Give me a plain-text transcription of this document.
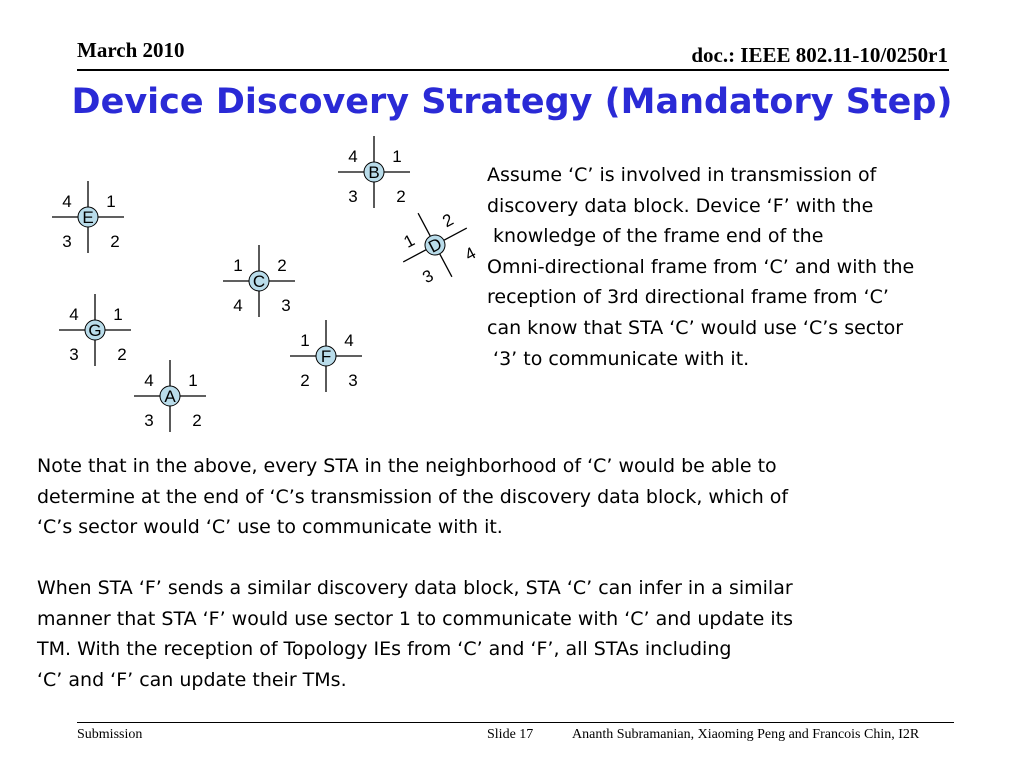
March 2010	doc.: IEEE 802.11-10/0250r1
Device Discovery Strategy (Mandatory Step)
B
4 1
3 2
E
4 1
3 2	D
1
2
3
4
C
1 2
4 3
G
4 1
3 2	F
1 4
2 3
A
4 1
3 2
Assume ‘C’ is involved in transmission of
discovery data block. Device ‘F’ with the
knowledge of the frame end of the
Omni-directional frame from ‘C’ and with the
reception of 3rd directional frame from ‘C’
can know that STA ‘C’ would use ‘C’s sector
‘3’ to communicate with it.
Note that in the above, every STA in the neighborhood of ‘C’ would be able to
determine at the end of ‘C’s transmission of the discovery data block, which of
‘C’s sector would ‘C’ use to communicate with it.
When STA ‘F’ sends a similar discovery data block, STA ‘C’ can infer in a similar
manner that STA ‘F’ would use sector 1 to communicate with ‘C’ and update its
TM. With the reception of Topology IEs from ‘C’ and ‘F’, all STAs including
‘C’ and ‘F’ can update their TMs.
Submission	Slide 17	Ananth Subramanian, Xiaoming Peng and Francois Chin, I2R
